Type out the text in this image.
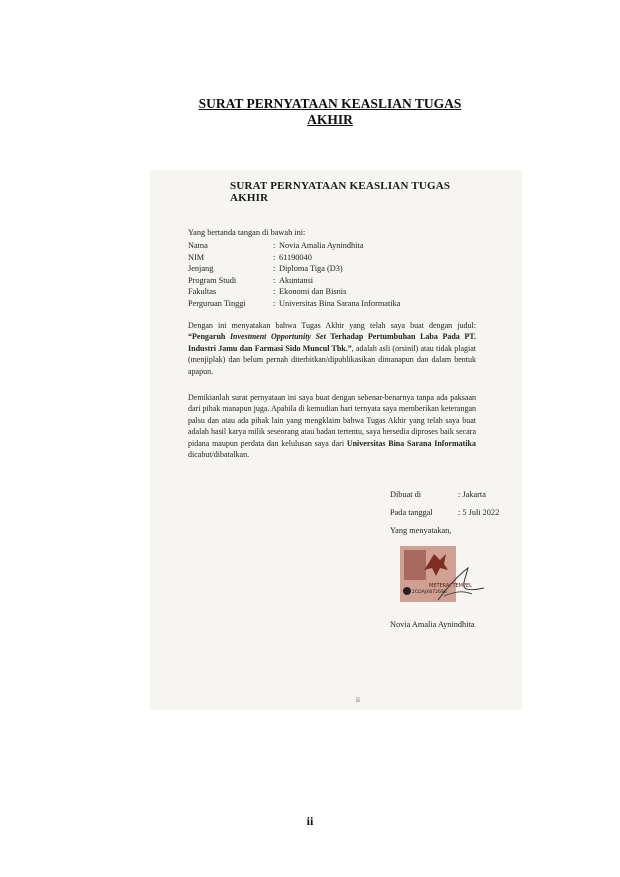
SURAT PERNYATAAN KEASLIAN TUGAS
AKHIR
SURAT PERNYATAAN KEASLIAN TUGAS AKHIR
Yang bertanda tangan di bawah ini:
Nama	: Novia Amalia Aynindhita
NIM	: 61190040
Jenjang	: Diploma Tiga (D3)
Program Studi	: Akuntansi
Fakultas	: Ekonomi dan Bisnis
Perguruan Tinggi	: Universitas Bina Sarana Informatika
Dengan ini menyatakan bahwa Tugas Akhir yang telah saya buat dengan judul: “Pengaruh Investment Opportunity Set Terhadap Pertumbuhan Laba Pada PT. Industri Jamu dan Farmasi Sido Muncul Tbk.”, adalah asli (orsinil) atau tidak plagiat (menjiplak) dan belum pernah diterbitkan/dipublikasikan dimanapun dan dalam bentuk apapun.
Demikianlah surat pernyataan ini saya buat dengan sebenar-benarnya tanpa ada paksaan dari pihak manapun juga. Apabila di kemudian hari ternyata saya memberikan keterangan palsu dan atau ada pihak lain yang mengklaim bahwa Tugas Akhir yang telah saya buat adalah hasil karya milik seseorang atau badan tertentu, saya bersedia diproses baik secara pidana maupun perdata dan kelulusan saya dari Universitas Bina Sarana Informatika dicabut/dibatalkan.
Dibuat di	: Jakarta
Pada tanggal	: 5 Juli 2022
Yang menyatakan,
METERAI TEMPEL
2CDAJX872696
Novia Amalia Aynindhita
ii
ii
